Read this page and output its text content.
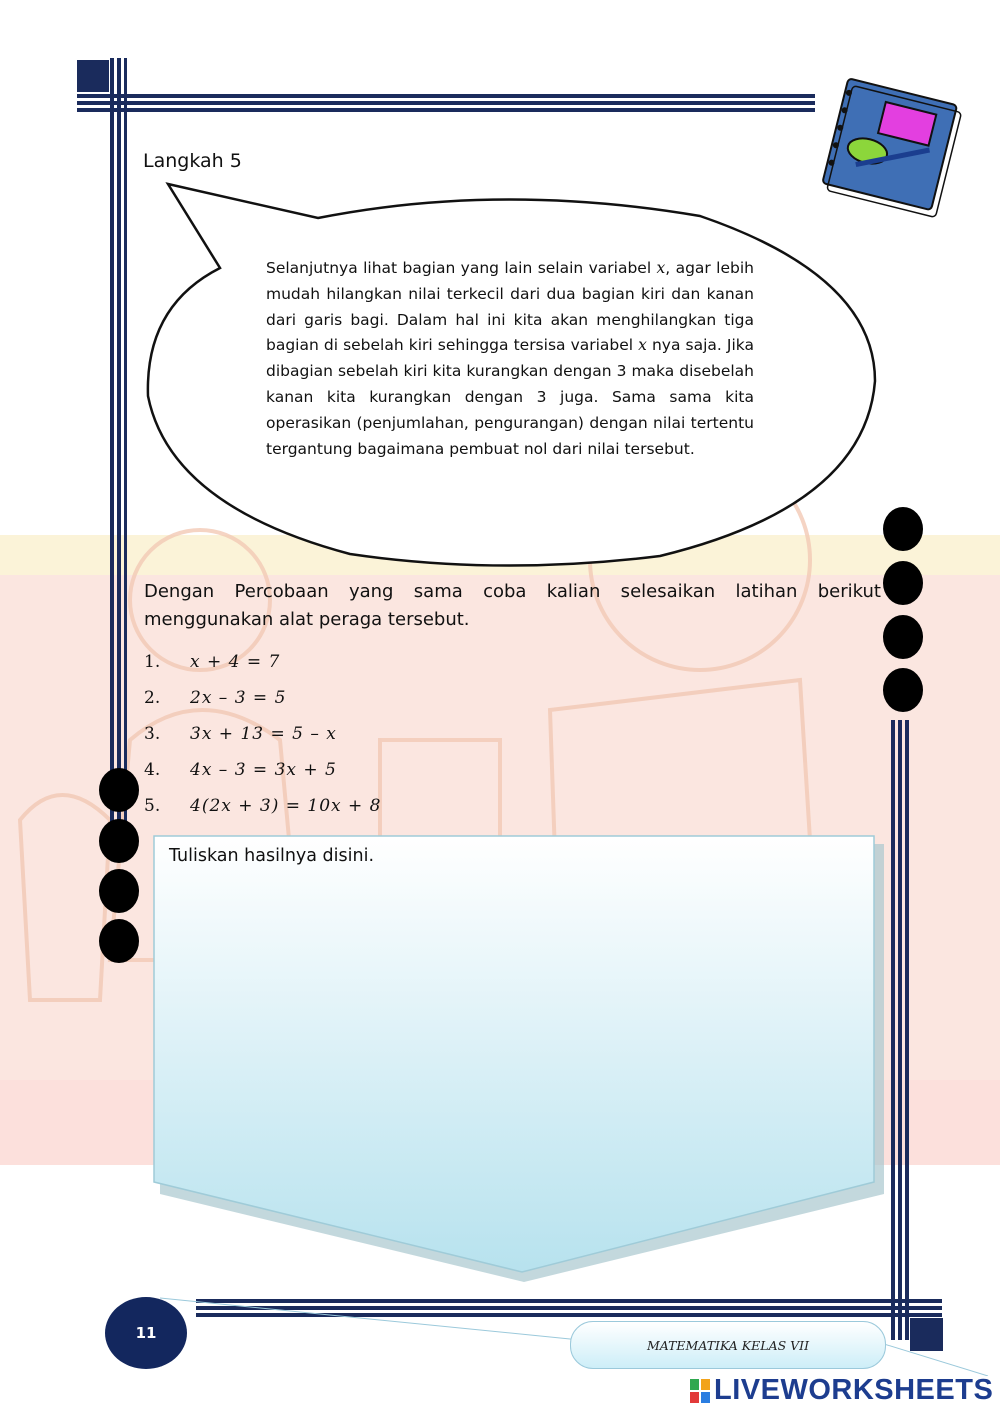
Langkah 5
Selanjutnya lihat bagian yang lain selain variabel x, agar lebih mudah hilangkan nilai terkecil dari dua bagian kiri dan kanan dari garis bagi. Dalam hal ini kita akan menghilangkan tiga bagian di sebelah kiri sehingga tersisa variabel x nya saja. Jika dibagian sebelah kiri kita kurangkan dengan 3 maka disebelah kanan kita kurangkan dengan 3 juga. Sama sama kita operasikan (penjumlahan, pengurangan) dengan nilai tertentu tergantung bagaimana pembuat nol dari nilai tersebut.
Dengan Percobaan yang sama coba kalian selesaikan latihan berikut menggunakan alat peraga tersebut.
1. x + 4 = 7
2. 2x – 3 = 5
3. 3x + 13 = 5 – x
4. 4x – 3 = 3x + 5
5. 4(2x + 3) = 10x + 8
Tuliskan hasilnya disini.
11
MATEMATIKA KELAS VII
LIVEWORKSHEETS
